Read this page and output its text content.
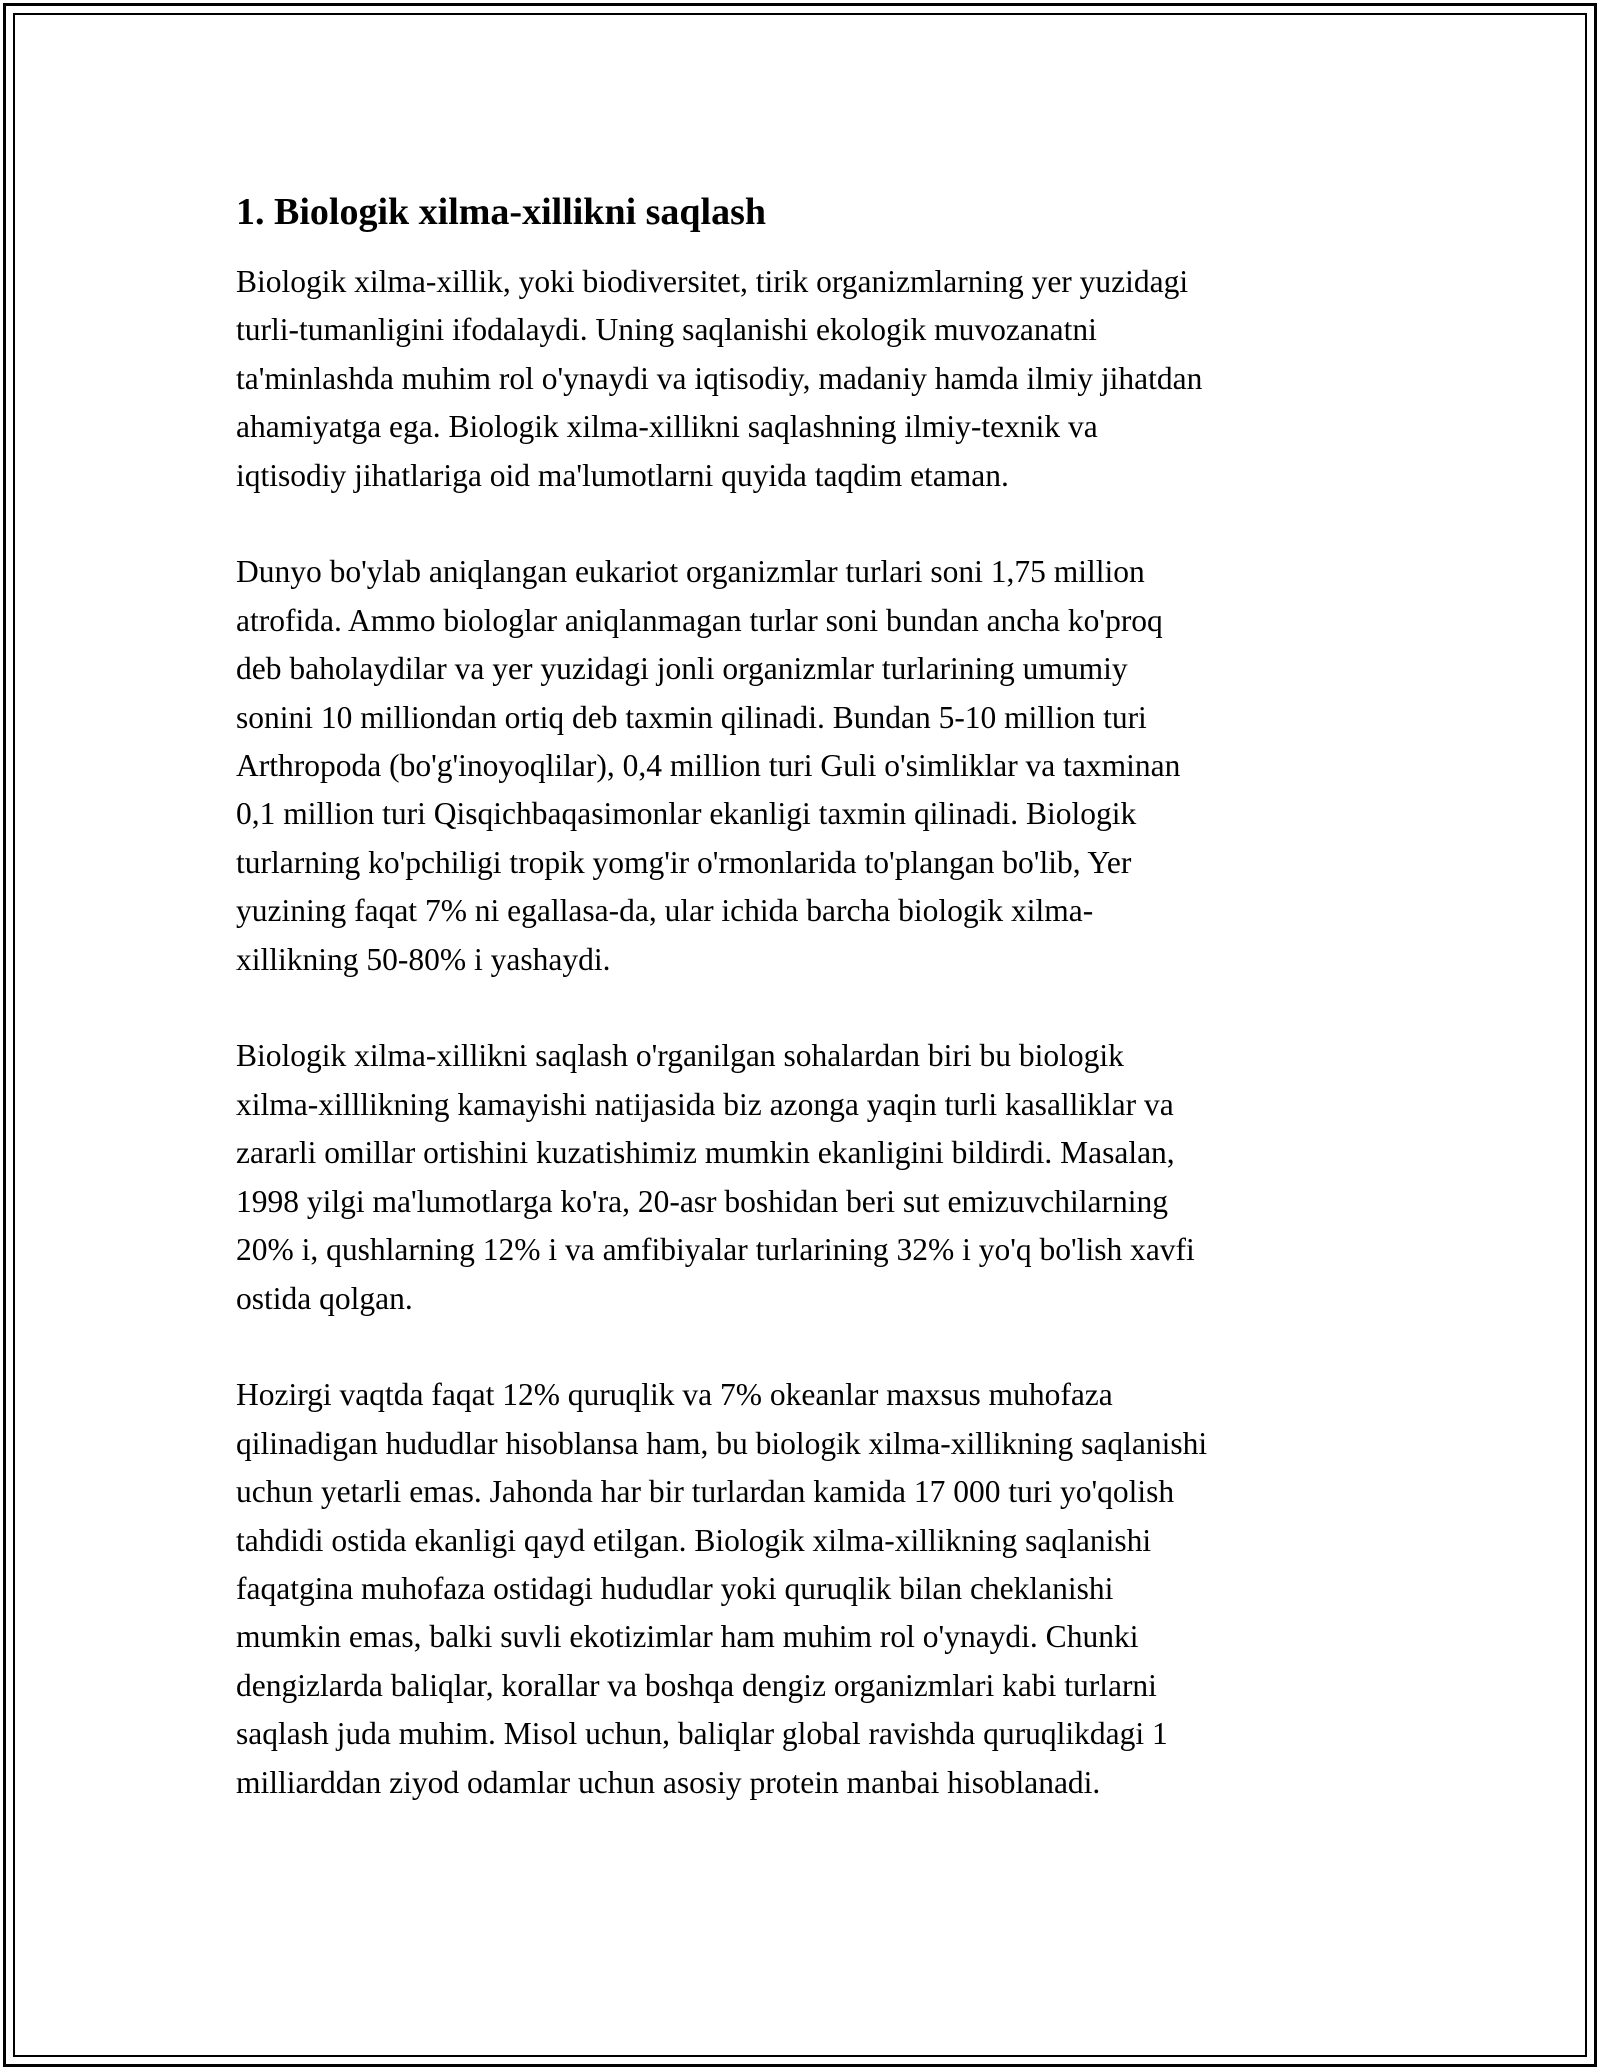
1. Biologik xilma-xillikni saqlash

Biologik xilma-xillik, yoki biodiversitet, tirik organizmlarning yer yuzidagi
turli-tumanligini ifodalaydi. Uning saqlanishi ekologik muvozanatni
ta'minlashda muhim rol o'ynaydi va iqtisodiy, madaniy hamda ilmiy jihatdan
ahamiyatga ega. Biologik xilma-xillikni saqlashning ilmiy-texnik va
iqtisodiy jihatlariga oid ma'lumotlarni quyida taqdim etaman.

Dunyo bo'ylab aniqlangan eukariot organizmlar turlari soni 1,75 million
atrofida. Ammo biologlar aniqlanmagan turlar soni bundan ancha ko'proq
deb baholaydilar va yer yuzidagi jonli organizmlar turlarining umumiy
sonini 10 milliondan ortiq deb taxmin qilinadi. Bundan 5-10 million turi
Arthropoda (bo'g'inoyoqlilar), 0,4 million turi Guli o'simliklar va taxminan
0,1 million turi Qisqichbaqasimonlar ekanligi taxmin qilinadi. Biologik
turlarning ko'pchiligi tropik yomg'ir o'rmonlarida to'plangan bo'lib, Yer
yuzining faqat 7% ni egallasa-da, ular ichida barcha biologik xilma-
xillikning 50-80% i yashaydi.

Biologik xilma-xillikni saqlash o'rganilgan sohalardan biri bu biologik
xilma-xilllikning kamayishi natijasida biz azonga yaqin turli kasalliklar va
zararli omillar ortishini kuzatishimiz mumkin ekanligini bildirdi. Masalan,
1998 yilgi ma'lumotlarga ko'ra, 20-asr boshidan beri sut emizuvchilarning
20% i, qushlarning 12% i va amfibiyalar turlarining 32% i yo'q bo'lish xavfi
ostida qolgan.

Hozirgi vaqtda faqat 12% quruqlik va 7% okeanlar maxsus muhofaza
qilinadigan hududlar hisoblansa ham, bu biologik xilma-xillikning saqlanishi
uchun yetarli emas. Jahonda har bir turlardan kamida 17 000 turi yo'qolish
tahdidi ostida ekanligi qayd etilgan. Biologik xilma-xillikning saqlanishi
faqatgina muhofaza ostidagi hududlar yoki quruqlik bilan cheklanishi
mumkin emas, balki suvli ekotizimlar ham muhim rol o'ynaydi. Chunki
dengizlarda baliqlar, korallar va boshqa dengiz organizmlari kabi turlarni
saqlash juda muhim. Misol uchun, baliqlar global ravishda quruqlikdagi 1
milliarddan ziyod odamlar uchun asosiy protein manbai hisoblanadi.
